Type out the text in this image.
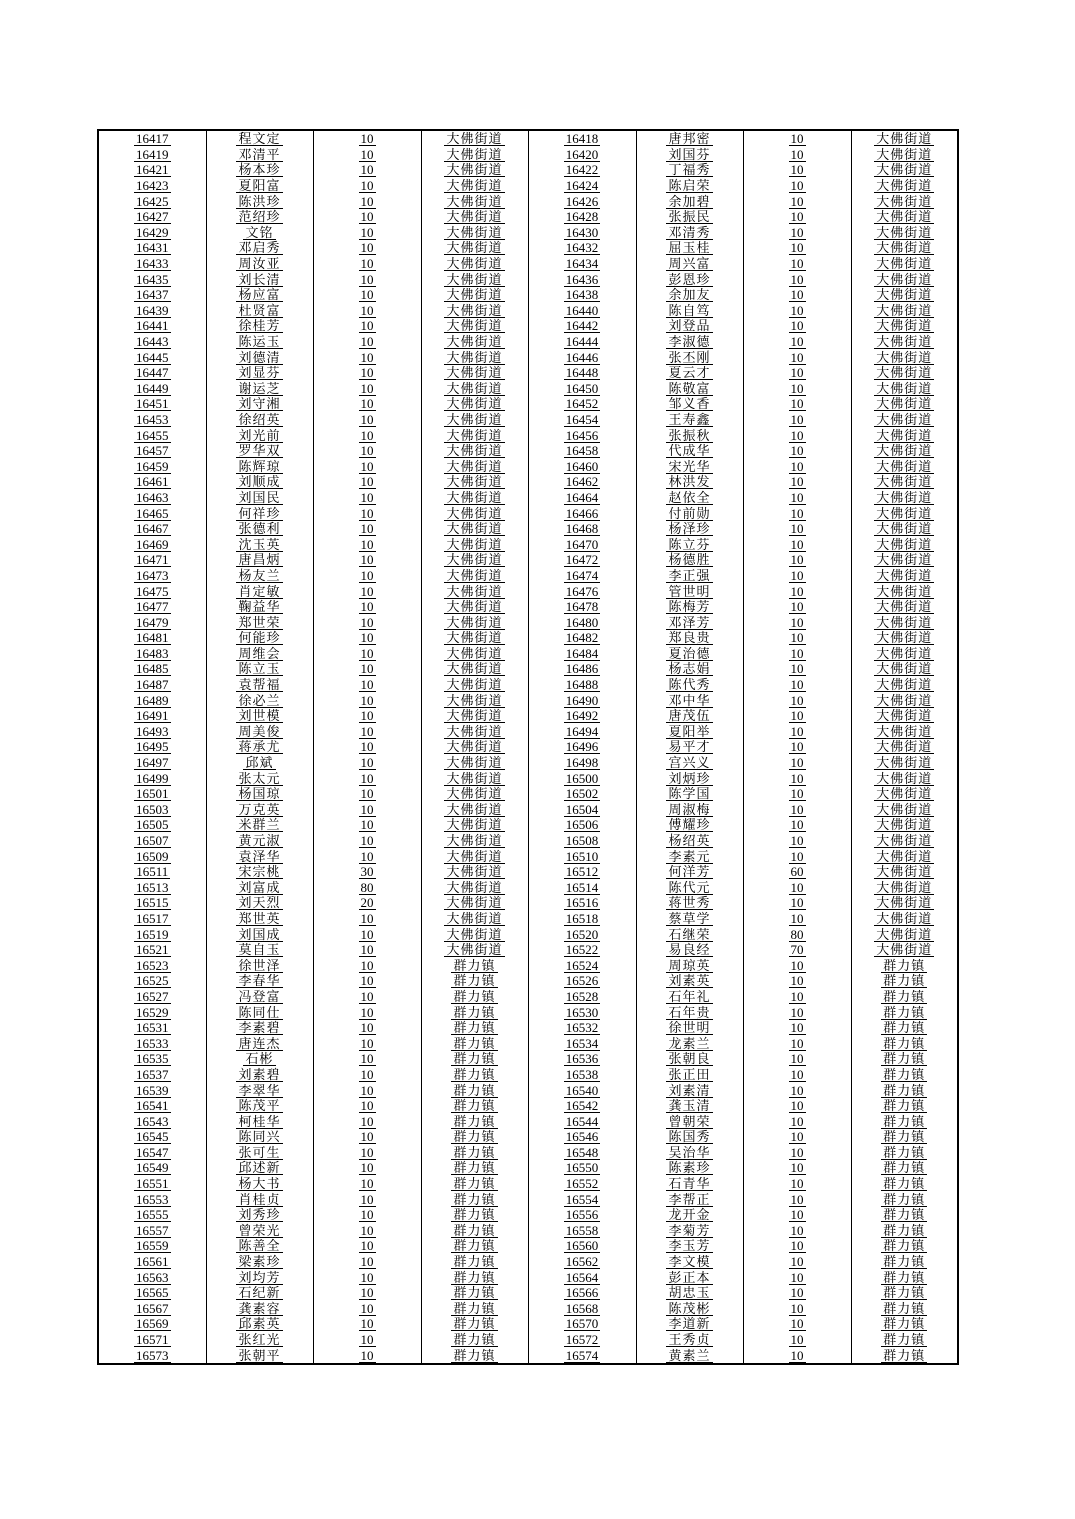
16417	程文定	10	大佛街道	16418	唐邦密	10	大佛街道
16419	邓清平	10	大佛街道	16420	刘国芬	10	大佛街道
16421	杨本珍	10	大佛街道	16422	丁福秀	10	大佛街道
16423	夏阳富	10	大佛街道	16424	陈启荣	10	大佛街道
16425	陈洪珍	10	大佛街道	16426	余加碧	10	大佛街道
16427	范绍珍	10	大佛街道	16428	张振民	10	大佛街道
16429	文铭	10	大佛街道	16430	邓清秀	10	大佛街道
16431	邓启秀	10	大佛街道	16432	屈玉桂	10	大佛街道
16433	周汝亚	10	大佛街道	16434	周兴富	10	大佛街道
16435	刘长清	10	大佛街道	16436	彭恩珍	10	大佛街道
16437	杨应富	10	大佛街道	16438	余加友	10	大佛街道
16439	杜贤富	10	大佛街道	16440	陈自笃	10	大佛街道
16441	徐桂芳	10	大佛街道	16442	刘登品	10	大佛街道
16443	陈运玉	10	大佛街道	16444	李淑德	10	大佛街道
16445	刘德清	10	大佛街道	16446	张丕刚	10	大佛街道
16447	刘显芬	10	大佛街道	16448	夏云才	10	大佛街道
16449	谢运芝	10	大佛街道	16450	陈敬富	10	大佛街道
16451	刘守湘	10	大佛街道	16452	邹义香	10	大佛街道
16453	徐绍英	10	大佛街道	16454	王寿鑫	10	大佛街道
16455	刘光前	10	大佛街道	16456	张振秋	10	大佛街道
16457	罗华双	10	大佛街道	16458	代成华	10	大佛街道
16459	陈辉琼	10	大佛街道	16460	宋光华	10	大佛街道
16461	刘顺成	10	大佛街道	16462	林洪发	10	大佛街道
16463	刘国民	10	大佛街道	16464	赵依全	10	大佛街道
16465	何祥珍	10	大佛街道	16466	付前勋	10	大佛街道
16467	张德利	10	大佛街道	16468	杨泽珍	10	大佛街道
16469	沈玉英	10	大佛街道	16470	陈立芬	10	大佛街道
16471	唐昌炳	10	大佛街道	16472	杨德胜	10	大佛街道
16473	杨友兰	10	大佛街道	16474	李正强	10	大佛街道
16475	肖定敏	10	大佛街道	16476	管世明	10	大佛街道
16477	鞠益华	10	大佛街道	16478	陈梅芳	10	大佛街道
16479	郑世荣	10	大佛街道	16480	邓泽芳	10	大佛街道
16481	何能珍	10	大佛街道	16482	郑良贵	10	大佛街道
16483	周维会	10	大佛街道	16484	夏治德	10	大佛街道
16485	陈立玉	10	大佛街道	16486	杨志娟	10	大佛街道
16487	袁帮福	10	大佛街道	16488	陈代秀	10	大佛街道
16489	徐必兰	10	大佛街道	16490	邓中华	10	大佛街道
16491	刘世模	10	大佛街道	16492	唐茂伍	10	大佛街道
16493	周美俊	10	大佛街道	16494	夏阳举	10	大佛街道
16495	蒋承尤	10	大佛街道	16496	易平才	10	大佛街道
16497	邱斌	10	大佛街道	16498	宫兴义	10	大佛街道
16499	张太元	10	大佛街道	16500	刘炳珍	10	大佛街道
16501	杨国琼	10	大佛街道	16502	陈学国	10	大佛街道
16503	万克英	10	大佛街道	16504	周淑梅	10	大佛街道
16505	米群兰	10	大佛街道	16506	傅耀珍	10	大佛街道
16507	黄元淑	10	大佛街道	16508	杨绍英	10	大佛街道
16509	袁泽华	10	大佛街道	16510	李素元	10	大佛街道
16511	宋宗桃	30	大佛街道	16512	何洋芳	60	大佛街道
16513	刘富成	80	大佛街道	16514	陈代元	10	大佛街道
16515	刘天烈	20	大佛街道	16516	蒋世秀	10	大佛街道
16517	郑世英	10	大佛街道	16518	蔡草学	10	大佛街道
16519	刘国成	10	大佛街道	16520	石继荣	80	大佛街道
16521	莫自玉	10	大佛街道	16522	易良经	70	大佛街道
16523	徐世泽	10	群力镇	16524	周琼英	10	群力镇
16525	李春华	10	群力镇	16526	刘素英	10	群力镇
16527	冯登富	10	群力镇	16528	石年礼	10	群力镇
16529	陈同仕	10	群力镇	16530	石年贵	10	群力镇
16531	李素碧	10	群力镇	16532	徐世明	10	群力镇
16533	唐连杰	10	群力镇	16534	龙素兰	10	群力镇
16535	石彬	10	群力镇	16536	张朝良	10	群力镇
16537	刘素碧	10	群力镇	16538	张正田	10	群力镇
16539	李翠华	10	群力镇	16540	刘素清	10	群力镇
16541	陈茂平	10	群力镇	16542	龚玉清	10	群力镇
16543	柯桂华	10	群力镇	16544	曾朝荣	10	群力镇
16545	陈同兴	10	群力镇	16546	陈国秀	10	群力镇
16547	张可生	10	群力镇	16548	吴治华	10	群力镇
16549	邱述新	10	群力镇	16550	陈素珍	10	群力镇
16551	杨大书	10	群力镇	16552	石青华	10	群力镇
16553	肖桂贞	10	群力镇	16554	李帮正	10	群力镇
16555	刘秀珍	10	群力镇	16556	龙开金	10	群力镇
16557	曾荣光	10	群力镇	16558	李菊芳	10	群力镇
16559	陈善全	10	群力镇	16560	李玉芳	10	群力镇
16561	梁素珍	10	群力镇	16562	李文模	10	群力镇
16563	刘均芳	10	群力镇	16564	彭正本	10	群力镇
16565	石纪新	10	群力镇	16566	胡忠玉	10	群力镇
16567	龚素容	10	群力镇	16568	陈茂彬	10	群力镇
16569	邱素英	10	群力镇	16570	李道新	10	群力镇
16571	张红光	10	群力镇	16572	王秀贞	10	群力镇
16573	张朝平	10	群力镇	16574	黄素兰	10	群力镇
